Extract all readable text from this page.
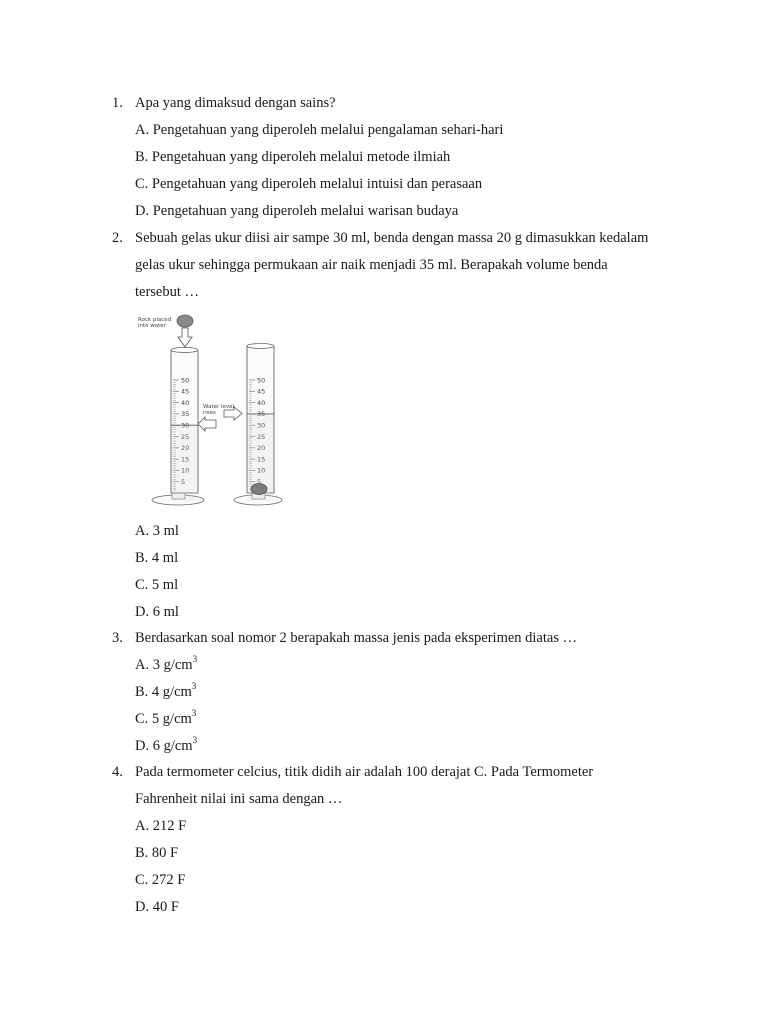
1. Apa yang dimaksud dengan sains?
A. Pengetahuan yang diperoleh melalui pengalaman sehari-hari
B. Pengetahuan yang diperoleh melalui metode ilmiah
C. Pengetahuan yang diperoleh melalui intuisi dan perasaan
D. Pengetahuan yang diperoleh melalui warisan budaya
2. Sebuah gelas ukur diisi air sampe 30 ml, benda dengan massa 20 g dimasukkan kedalam
gelas ukur sehingga permukaan air naik menjadi 35 ml. Berapakah volume benda
tersebut …
Rock placed
into water
Water level
rises
50
45
40
35
50
45
40
A. 3 ml
B. 4 ml
C. 5 ml
D. 6 ml
3. Berdasarkan soal nomor 2 berapakah massa jenis pada eksperimen diatas …
A. 3 $g/cm^3$
B. 4 $g/cm^3$
C. 5 $g/cm^3$
D. 6 $g/cm^3$
4. Pada termometer celcius, titik didih air adalah 100 derajat C. Pada Termometer
Fahrenheit nilai ini sama dengan …
A. 212 F
B. 80 F
C. 272 F
D. 40 F
